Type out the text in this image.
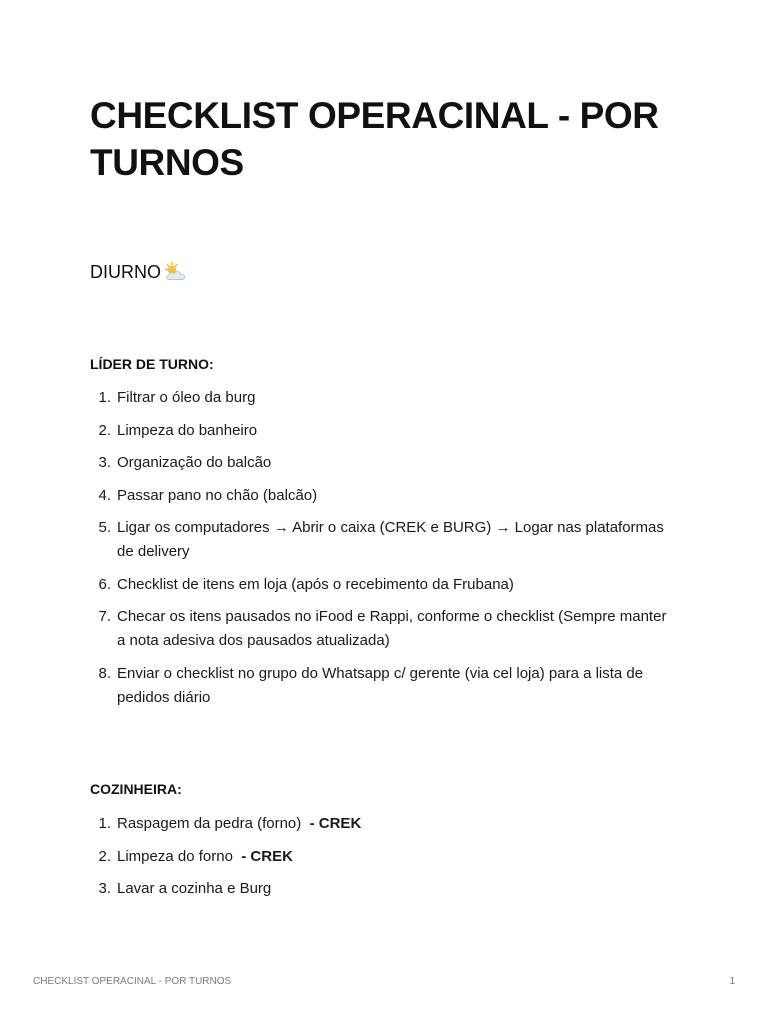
CHECKLIST OPERACINAL - POR TURNOS
DIURNO
LÍDER DE TURNO:
1. Filtrar o óleo da burg
2. Limpeza do banheiro
3. Organização do balcão
4. Passar pano no chão (balcão)
5. Ligar os computadores → Abrir o caixa (CREK e BURG) → Logar nas plataformas de delivery
6. Checklist de itens em loja (após o recebimento da Frubana)
7. Checar os itens pausados no iFood e Rappi, conforme o checklist (Sempre manter a nota adesiva dos pausados atualizada)
8. Enviar o checklist no grupo do Whatsapp c/ gerente (via cel loja) para a lista de pedidos diário
COZINHEIRA:
1. Raspagem da pedra (forno)  - CREK
2. Limpeza do forno  - CREK
3. Lavar a cozinha e Burg
CHECKLIST OPERACINAL - POR TURNOS	1
